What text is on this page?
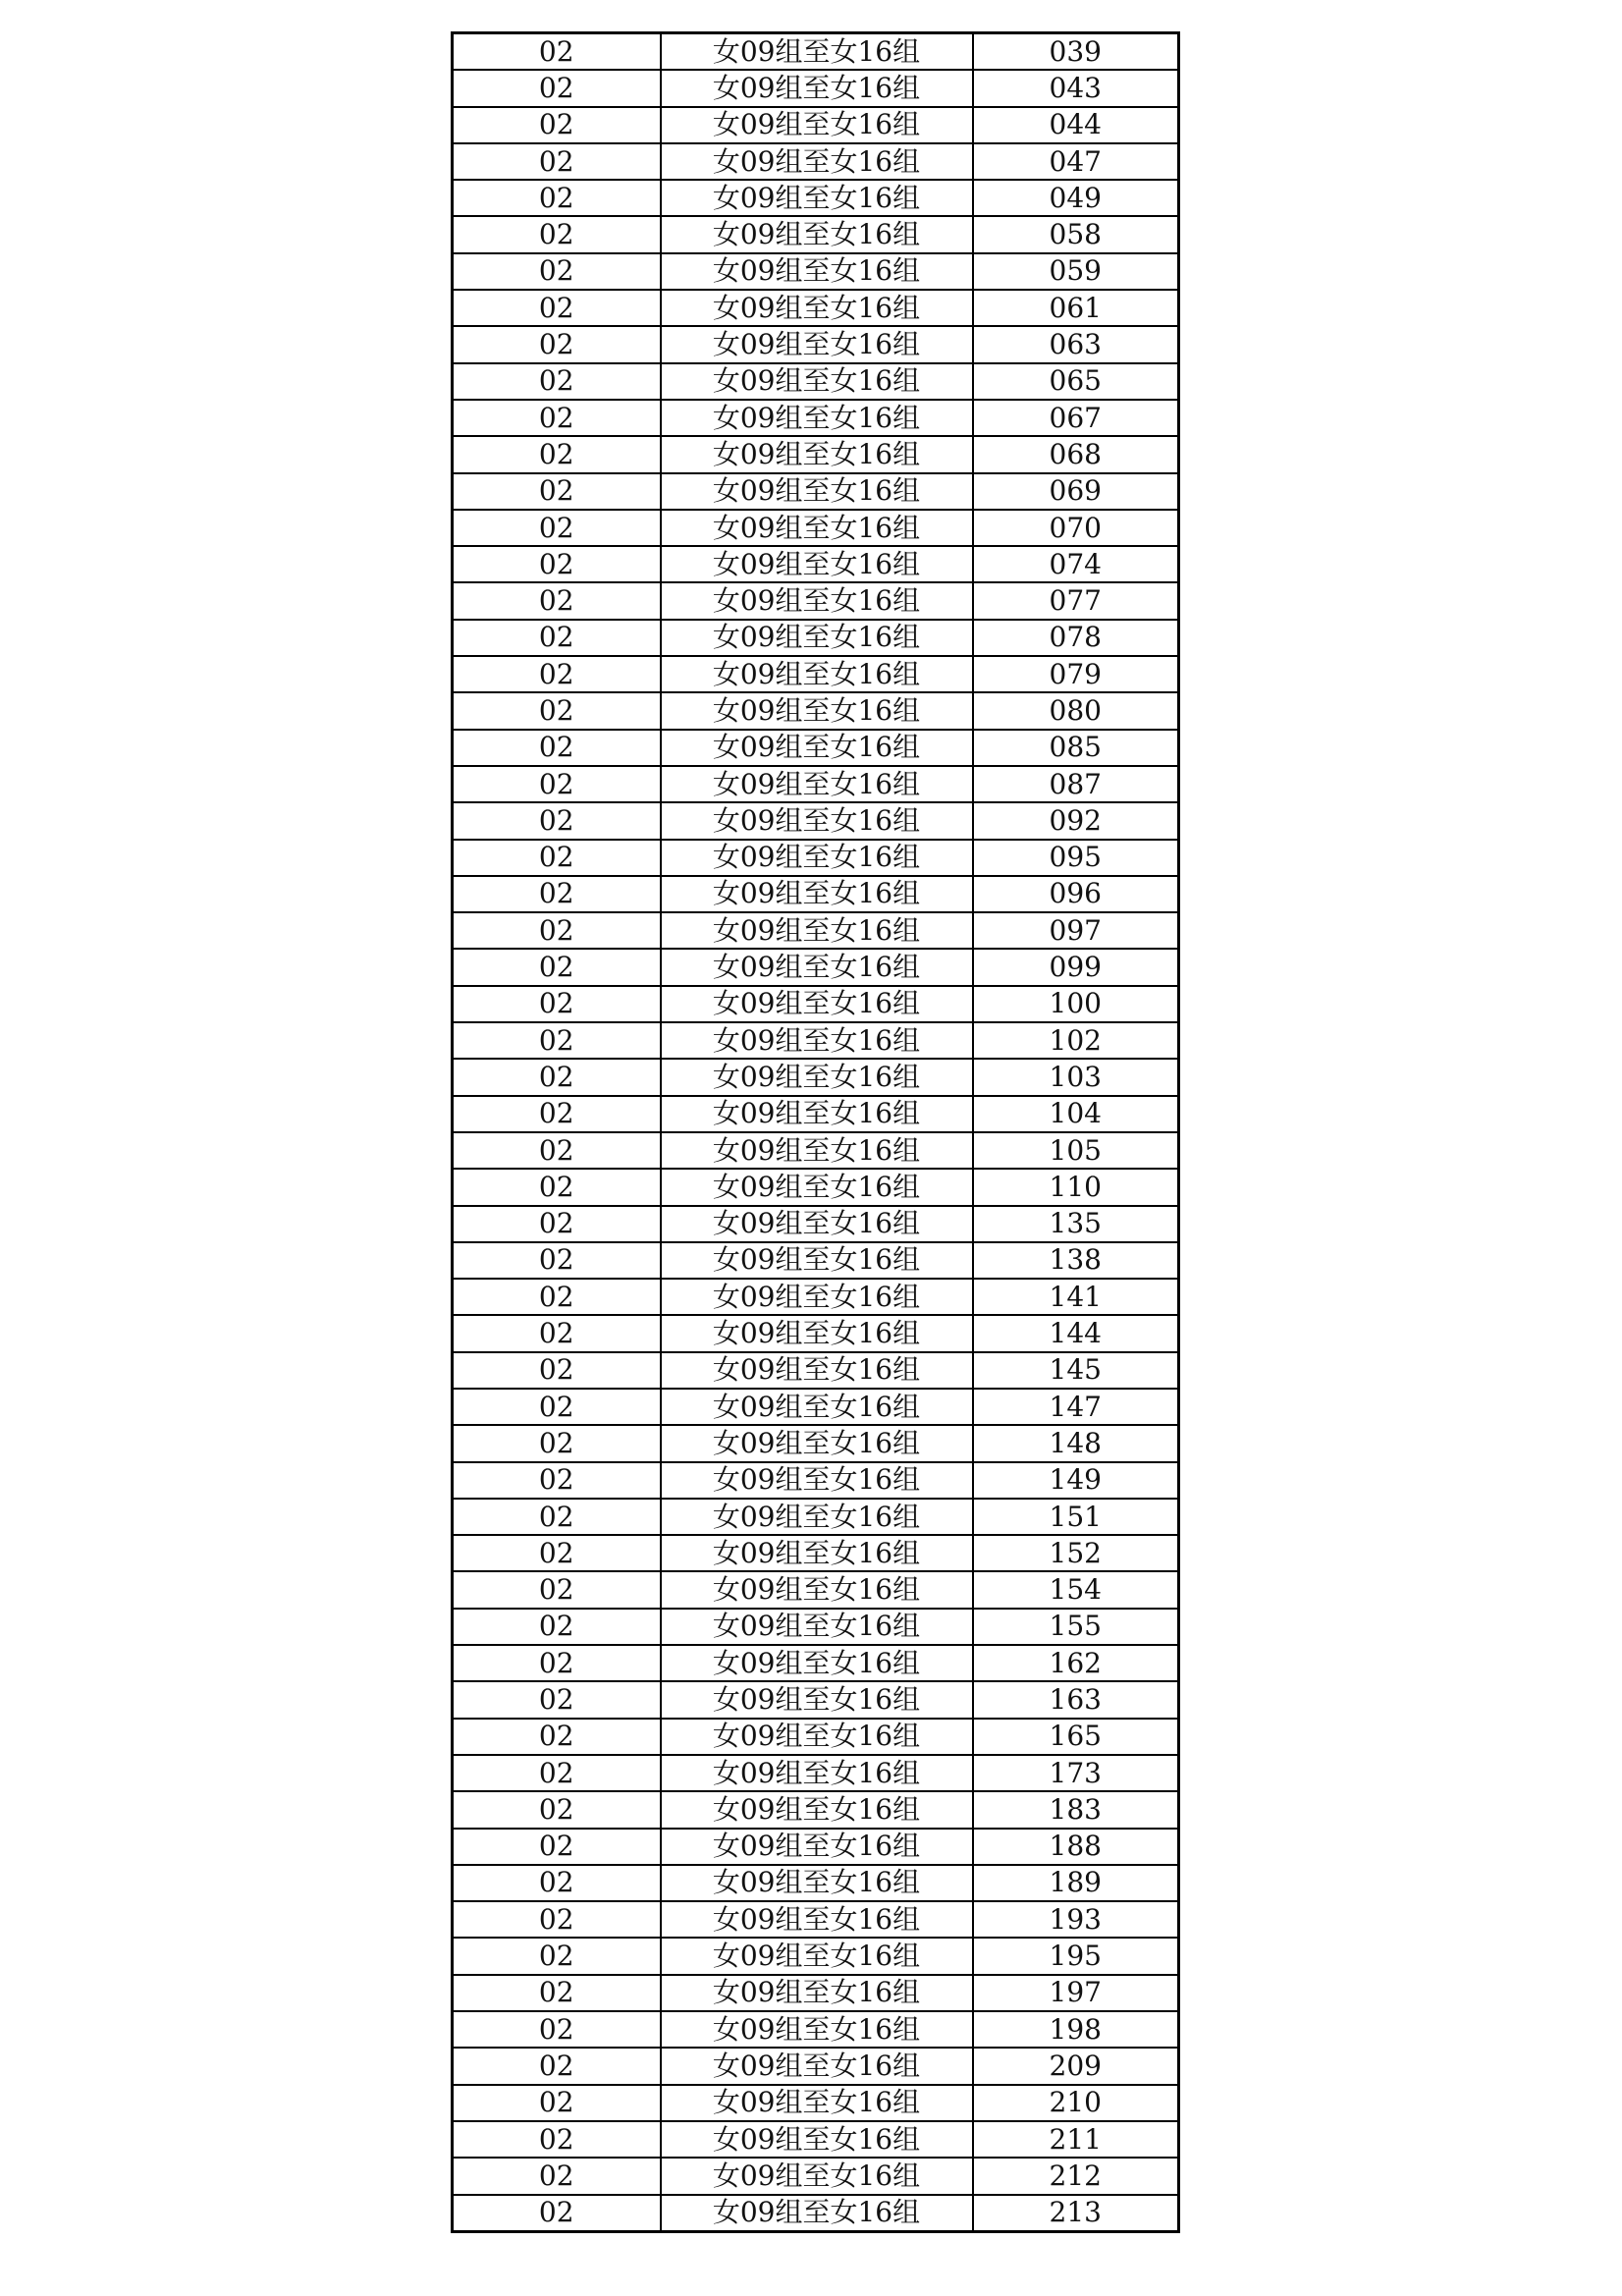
02	女09组至女16组	039
02	女09组至女16组	043
02	女09组至女16组	044
02	女09组至女16组	047
02	女09组至女16组	049
02	女09组至女16组	058
02	女09组至女16组	059
02	女09组至女16组	061
02	女09组至女16组	063
02	女09组至女16组	065
02	女09组至女16组	067
02	女09组至女16组	068
02	女09组至女16组	069
02	女09组至女16组	070
02	女09组至女16组	074
02	女09组至女16组	077
02	女09组至女16组	078
02	女09组至女16组	079
02	女09组至女16组	080
02	女09组至女16组	085
02	女09组至女16组	087
02	女09组至女16组	092
02	女09组至女16组	095
02	女09组至女16组	096
02	女09组至女16组	097
02	女09组至女16组	099
02	女09组至女16组	100
02	女09组至女16组	102
02	女09组至女16组	103
02	女09组至女16组	104
02	女09组至女16组	105
02	女09组至女16组	110
02	女09组至女16组	135
02	女09组至女16组	138
02	女09组至女16组	141
02	女09组至女16组	144
02	女09组至女16组	145
02	女09组至女16组	147
02	女09组至女16组	148
02	女09组至女16组	149
02	女09组至女16组	151
02	女09组至女16组	152
02	女09组至女16组	154
02	女09组至女16组	155
02	女09组至女16组	162
02	女09组至女16组	163
02	女09组至女16组	165
02	女09组至女16组	173
02	女09组至女16组	183
02	女09组至女16组	188
02	女09组至女16组	189
02	女09组至女16组	193
02	女09组至女16组	195
02	女09组至女16组	197
02	女09组至女16组	198
02	女09组至女16组	209
02	女09组至女16组	210
02	女09组至女16组	211
02	女09组至女16组	212
02	女09组至女16组	213
